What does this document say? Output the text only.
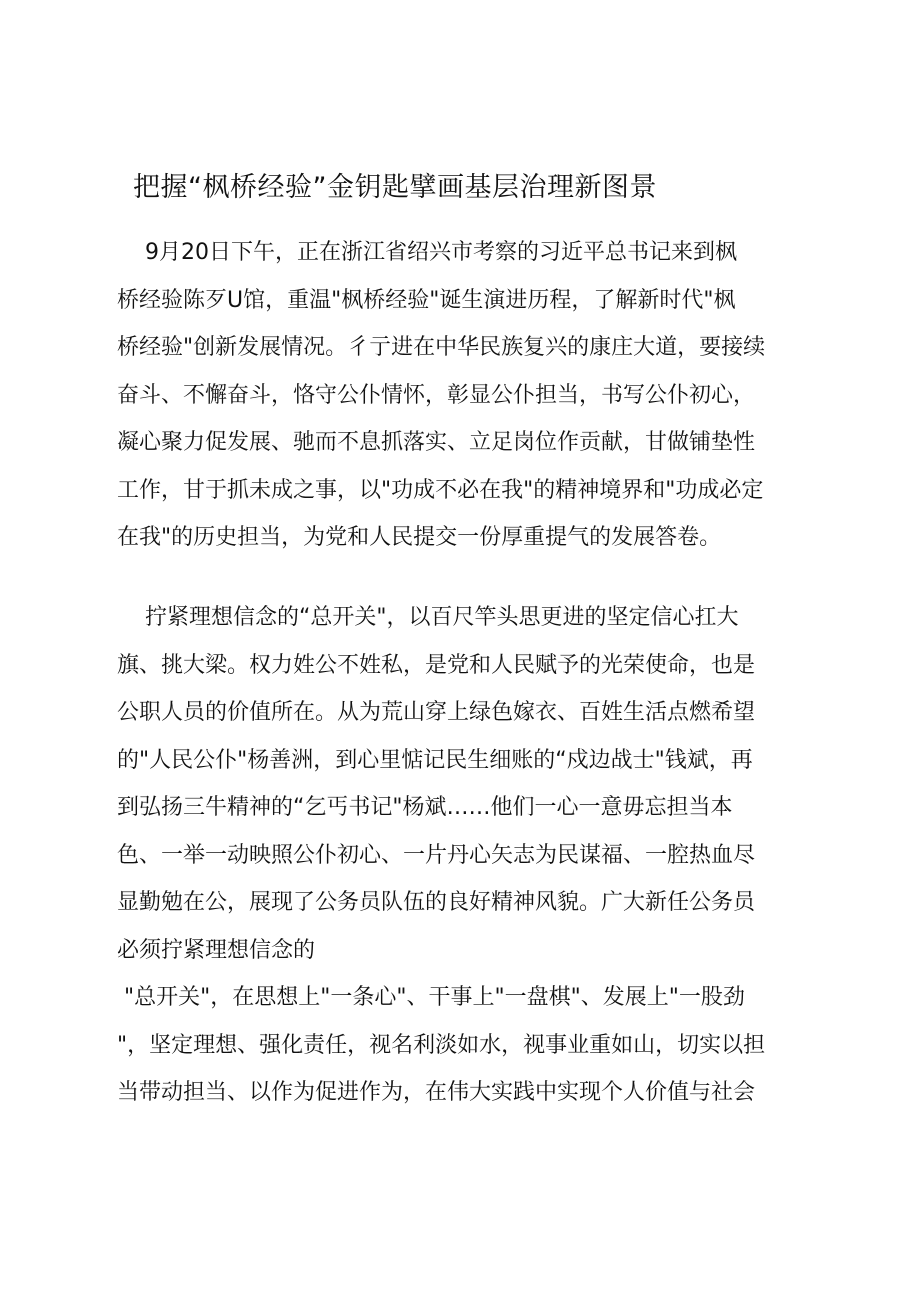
把握“枫桥经验”金钥匙擘画基层治理新图景
9月20日下午，正在浙江省绍兴市考察的习近平总书记来到枫
桥经验陈歹U馆，重温"枫桥经验"诞生演进历程，了解新时代"枫
桥经验"创新发展情况。彳亍进在中华民族复兴的康庄大道，要接续
奋斗、不懈奋斗，恪守公仆情怀，彰显公仆担当，书写公仆初心，
凝心聚力促发展、驰而不息抓落实、立足岗位作贡献，甘做铺垫性
工作，甘于抓未成之事，以"功成不必在我"的精神境界和"功成必定
在我"的历史担当，为党和人民提交一份厚重提气的发展答卷。
拧紧理想信念的“总开关"，以百尺竿头思更进的坚定信心扛大
旗、挑大梁。权力姓公不姓私，是党和人民赋予的光荣使命，也是
公职人员的价值所在。从为荒山穿上绿色嫁衣、百姓生活点燃希望
的"人民公仆"杨善洲，到心里惦记民生细账的“戍边战士"钱斌，再
到弘扬三牛精神的“乞丐书记"杨斌……他们一心一意毋忘担当本
色、一举一动映照公仆初心、一片丹心矢志为民谋福、一腔热血尽
显勤勉在公，展现了公务员队伍的良好精神风貌。广大新任公务员
必须拧紧理想信念的
"总开关"，在思想上"一条心"、干事上"一盘棋"、发展上"一股劲
"，坚定理想、强化责任，视名利淡如水，视事业重如山，切实以担
当带动担当、以作为促进作为，在伟大实践中实现个人价值与社会
